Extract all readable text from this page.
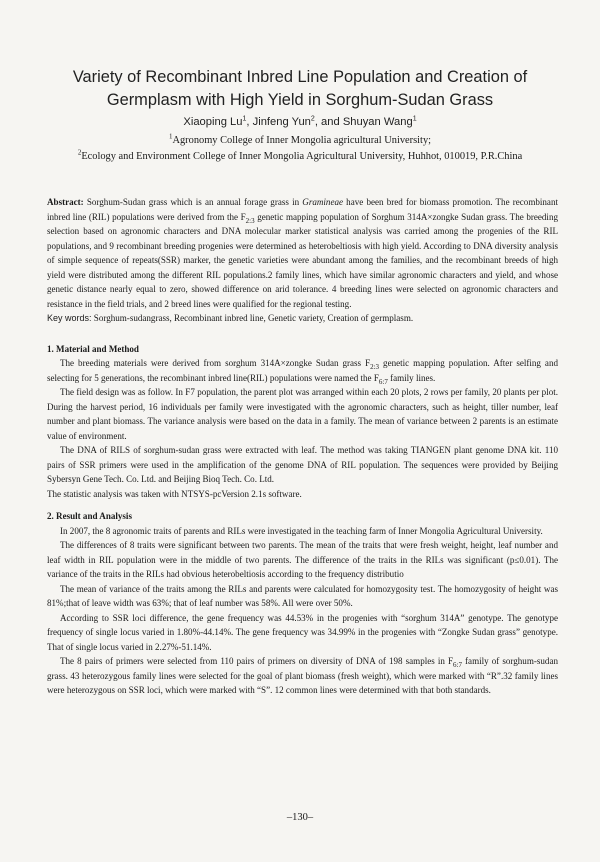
Variety of Recombinant Inbred Line Population and Creation of
Germplasm with High Yield in Sorghum-Sudan Grass
Xiaoping Lu$^1$, Jinfeng Yun$^2$, and Shuyan Wang$^1$
$^1$Agronomy College of Inner Mongolia agricultural University;
$^2$Ecology and Environment College of Inner Mongolia Agricultural University, Huhhot, 010019, P.R.China

Abstract: Sorghum-Sudan grass which is an annual forage grass in Gramineae have been bred for biomass promotion. The recombinant inbred line (RIL) populations were derived from the $F_{2:3}$ genetic mapping population of Sorghum 314A×zongke Sudan grass. The breeding selection based on agronomic characters and DNA molecular marker statistical analysis was carried among the progenies of the RIL populations, and 9 recombinant breeding progenies were determined as heterobeltiosis with high yield. According to DNA diversity analysis of simple sequence of repeats(SSR) marker, the genetic varieties were abundant among the families, and the recombinant breeds of high yield were distributed among the different RIL populations.2 family lines, which have similar agronomic characters and yield, and whose genetic distance nearly equal to zero, showed difference on arid tolerance. 4 breeding lines were selected on agronomic characters and resistance in the field trials, and 2 breed lines were qualified for the regional testing.

Key words: Sorghum-sudangrass, Recombinant inbred line, Genetic variety, Creation of germplasm.

1. Material and Method

The breeding materials were derived from sorghum 314A×zongke Sudan grass $F_{2:3}$ genetic mapping population. After selfing and selecting for 5 generations, the recombinant inbred line(RIL) populations were named the $F_{6:7}$ family lines.

The field design was as follow. In F7 population, the parent plot was arranged within each 20 plots, 2 rows per family, 20 plants per plot. During the harvest period, 16 individuals per family were investigated with the agronomic characters, such as height, tiller number, leaf number and plant biomass. The variance analysis were based on the data in a family. The mean of variance between 2 parents is an estimate value of environment.

The DNA of RILS of sorghum-sudan grass were extracted with leaf. The method was taking TIANGEN plant genome DNA kit. 110 pairs of SSR primers were used in the amplification of the genome DNA of RIL population. The sequences were provided by Beijing Sybersyn Gene Tech. Co. Ltd. and Beijing Bioq Tech. Co. Ltd.

The statistic analysis was taken with NTSYS-pcVersion 2.1s software.

2. Result and Analysis

In 2007, the 8 agronomic traits of parents and RILs were investigated in the teaching farm of Inner Mongolia Agricultural University.

The differences of 8 traits were significant between two parents. The mean of the traits that were fresh weight, height, leaf number and leaf width in RIL population were in the middle of two parents. The difference of the traits in the RILs was significant (p≤0.01). The variance of the traits in the RILs had obvious heterobeltiosis according to the frequency distributio

The mean of variance of the traits among the RILs and parents were calculated for homozygosity test. The homozygosity of height was 81%;that of leave width was 63%; that of leaf number was 58%. All were over 50%.

According to SSR loci difference, the gene frequency was 44.53% in the progenies with “sorghum 314A” genotype. The genotype frequency of single locus varied in 1.80%-44.14%. The gene frequency was 34.99% in the progenies with “Zongke Sudan grass” genotype. That of single locus varied in 2.27%-51.14%.

The 8 pairs of primers were selected from 110 pairs of primers on diversity of DNA of 198 samples in $F_{6:7}$ family of sorghum-sudan grass. 43 heterozygous family lines were selected for the goal of plant biomass (fresh weight), which were marked with “R”.32 family lines were heterozygous on SSR loci, which were marked with “S”. 12 common lines were determined with that both standards.

–130–
